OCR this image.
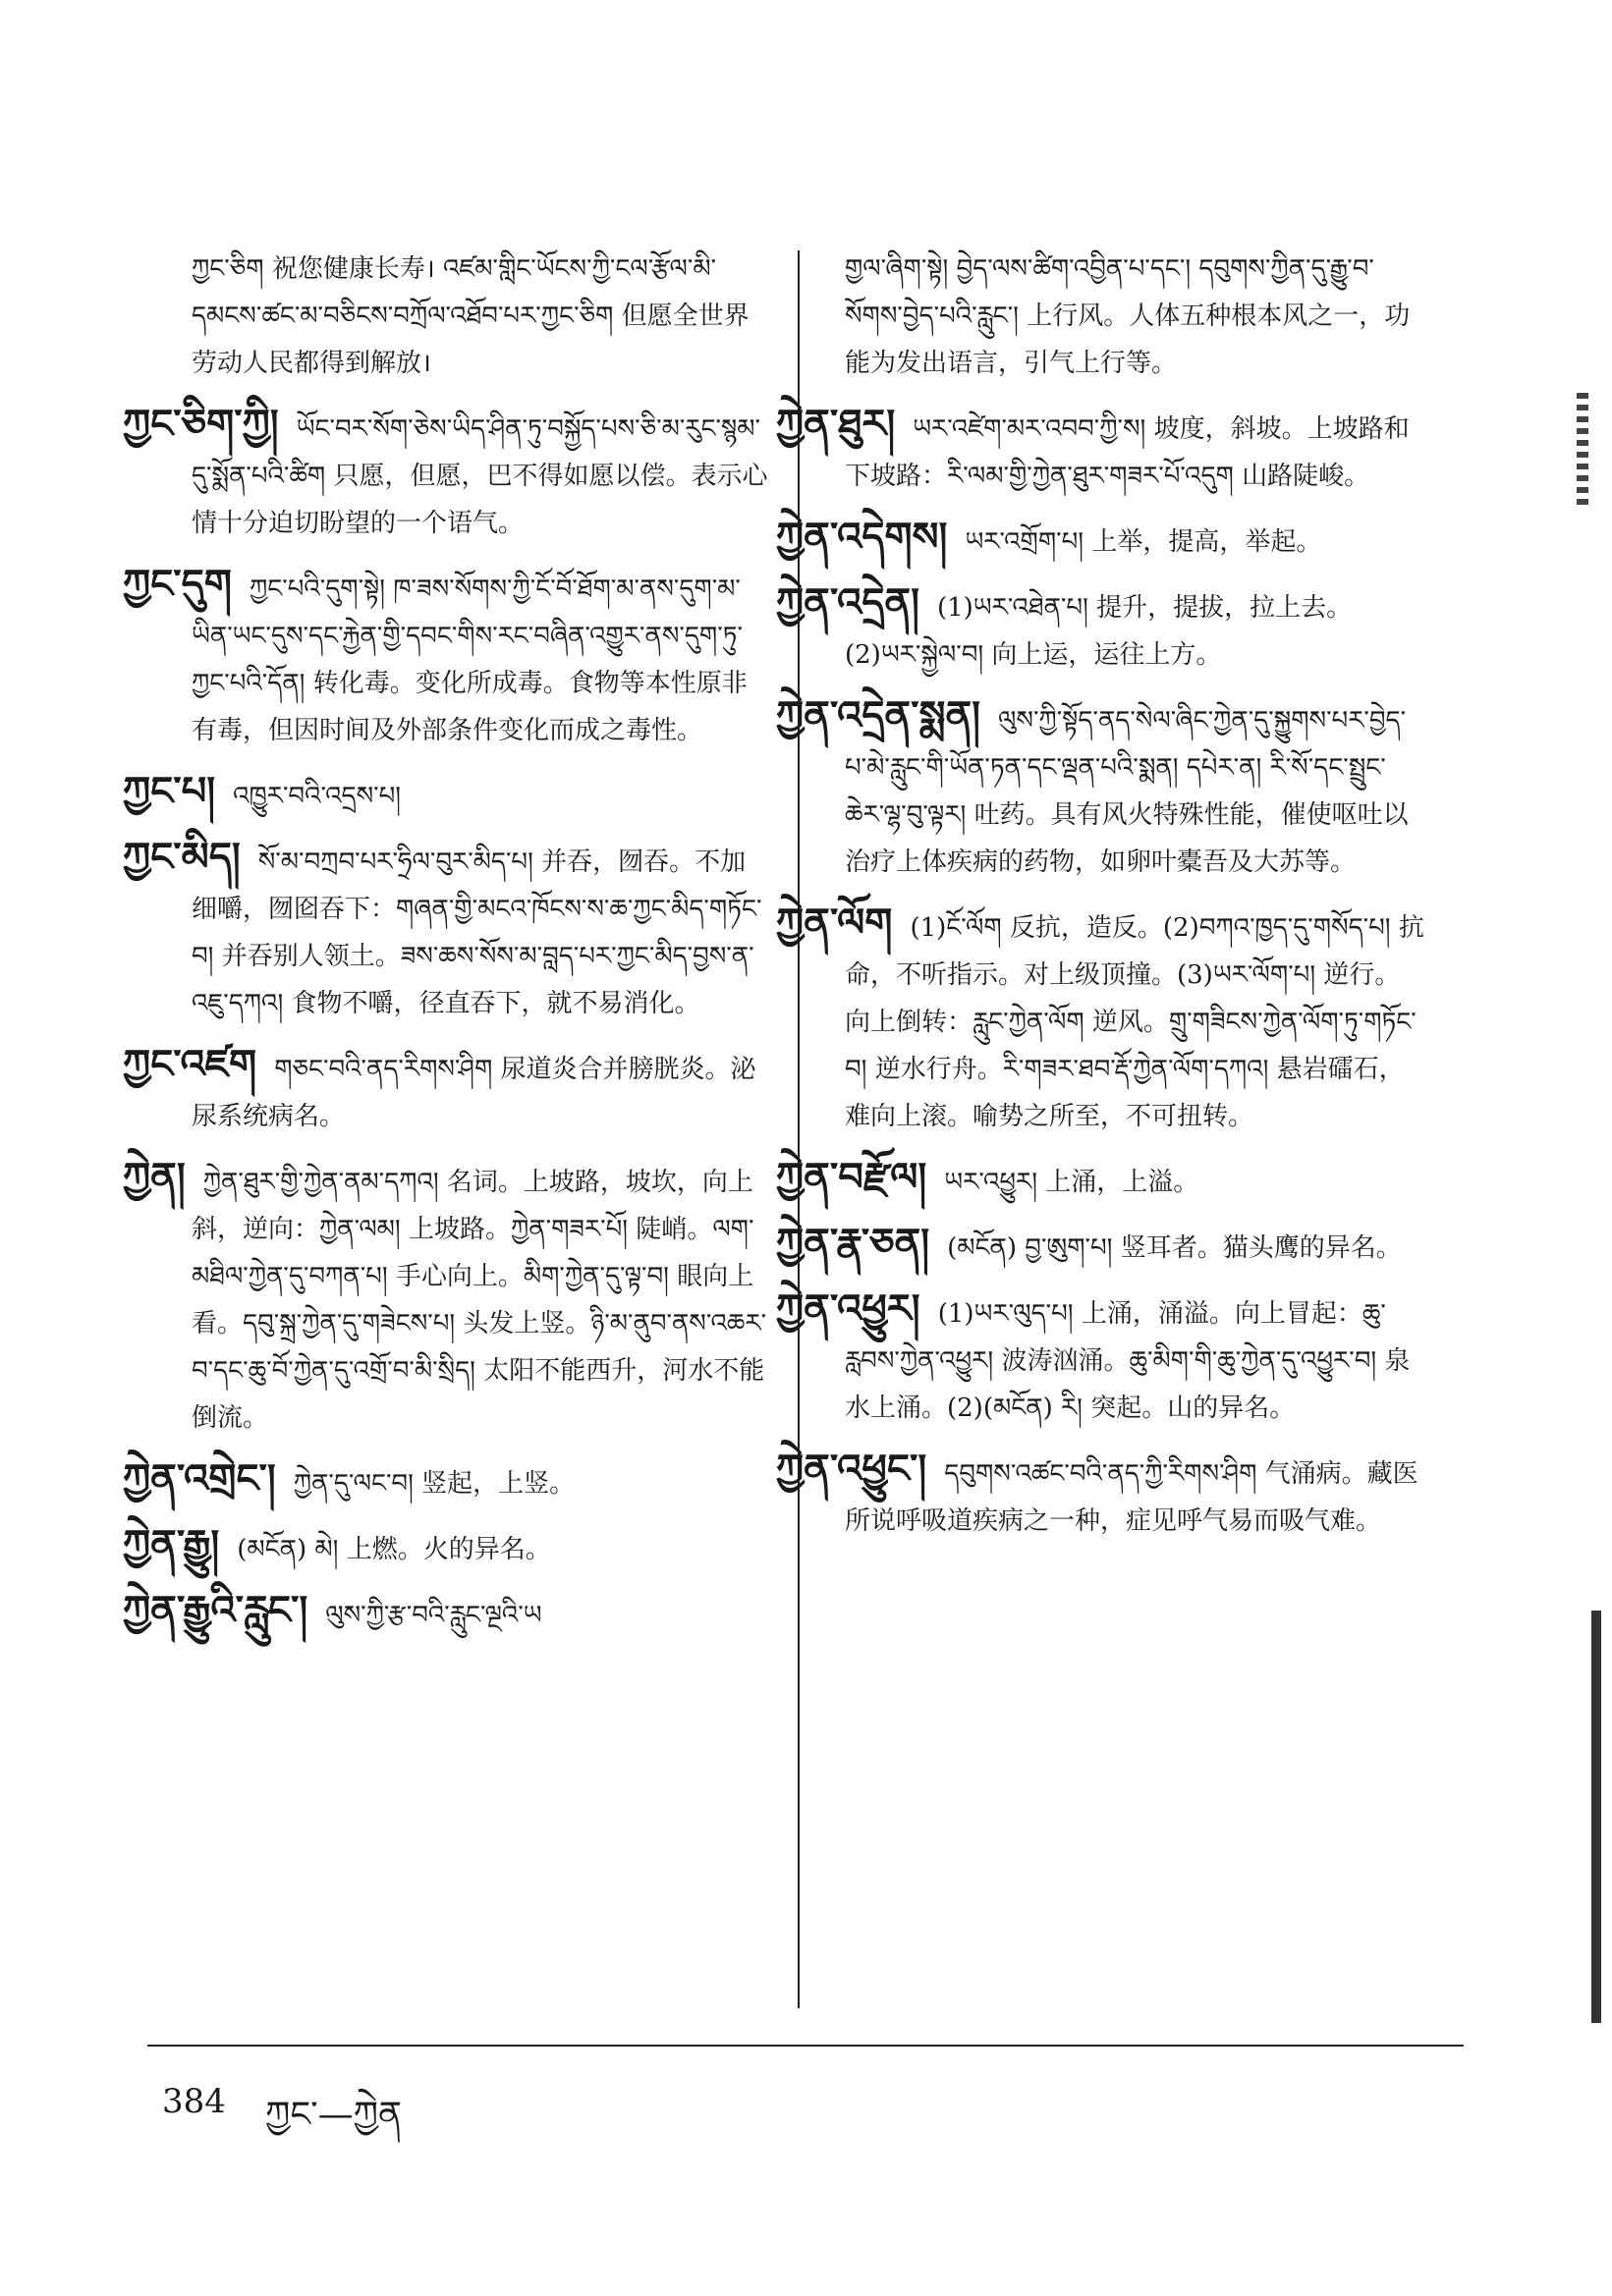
ཀྱང་ཅིག 祝您健康长寿। འཛམ་གླིང་ཡོངས་ཀྱི་ངལ་རྩོལ་མི་དམངས་ཚང་མ་བཅིངས་བཀྲོལ་འཐོབ་པར་ཀྱང་ཅིག 但愿全世界劳动人民都得到解放।

ཀྱང་ཅིག་ཀྱི། ཡོང་བར་སོག་ཅེས་ཡིད་ཤིན་ཏུ་བསྐྱོད་པས་ཅི་མ་རུང་སྙམ་དུ་སྨོན་པའི་ཚིག 只愿，但愿，巴不得如愿以偿。表示心情十分迫切盼望的一个语气。

ཀྱང་དུག ཀྱང་པའི་དུག་སྟེ། ཁ་ཟས་སོགས་ཀྱི་ངོ་བོ་ཐོག་མ་ནས་དུག་མ་ཡིན་ཡང་དུས་དང་རྐྱེན་གྱི་དབང་གིས་རང་བཞིན་འགྱུར་ནས་དུག་ཏུ་ཀྱང་པའི་དོན། 转化毒。变化所成毒。食物等本性原非有毒，但因时间及外部条件变化而成之毒性。

ཀྱང་པ། འཁྱུར་བའི་འདྲས་པ།

ཀྱང་མིད། སོ་མ་བཀྲབ་པར་ཧྲིལ་བུར་མིད་པ། 并吞，囫吞。不加细嚼，囫囵吞下：གཞན་གྱི་མངའ་ཁོངས་ས་ཆ་ཀྱང་མིད་གཏོང་བ། 并吞别人领土。ཟས་ཆས་སོས་མ་བླད་པར་ཀྱང་མིད་བྱས་ན་འཇུ་དཀའ། 食物不嚼，径直吞下，就不易消化。

ཀྱང་འཛག གཅང་བའི་ནད་རིགས་ཤིག 尿道炎合并膀胱炎。泌尿系统病名。

ཀྱེན། ཀྱེན་ཐུར་གྱི་ཀྱེན་ནམ་དཀའ། 名词。上坡路，坡坎，向上斜，逆向：ཀྱེན་ལམ། 上坡路。ཀྱེན་གཟར་པོ། 陡峭。ལག་མཐིལ་ཀྱེན་དུ་བཀན་པ། 手心向上。མིག་ཀྱེན་དུ་ལྟ་བ། 眼向上看。དབུ་སྐྲ་ཀྱེན་དུ་གཟེངས་པ། 头发上竖。ཉི་མ་ནུབ་ནས་འཆར་བ་དང་ཆུ་བོ་ཀྱེན་དུ་འགྲོ་བ་མི་སྲིད། 太阳不能西升，河水不能倒流。

ཀྱེན་འགྲེང་། ཀྱེན་དུ་ལང་བ། 竖起，上竖。

ཀྱེན་རྒྱུ། (མངོན) མེ། 上燃。火的异名。

ཀྱེན་རྒྱུའི་རླུང་། ལུས་ཀྱི་རྩ་བའི་རླུང་ལྔའི་ཡ

གྱལ་ཞིག་སྟེ། བྱེད་ལས་ཚིག་འབྱིན་པ་དང་། དབུགས་ཀྱིན་དུ་རྒྱུ་བ་སོགས་བྱེད་པའི་རླུང་། 上行风。人体五种根本风之一，功能为发出语言，引气上行等。

ཀྱེན་ཐུར། ཡར་འཛེག་མར་འབབ་ཀྱི་ས། 坡度，斜坡。上坡路和下坡路：རི་ལམ་གྱི་ཀྱེན་ཐུར་གཟར་པོ་འདུག 山路陡峻。

ཀྱེན་འདེགས། ཡར་འགྲོག་པ། 上举，提高，举起。

ཀྱེན་འདྲེན། (1)ཡར་འཐེན་པ། 提升，提拔，拉上去。(2)ཡར་སྐྱེལ་བ། 向上运，运往上方。

ཀྱེན་འདྲེན་སྨན། ལུས་ཀྱི་སྟོད་ནད་སེལ་ཞིང་ཀྱེན་དུ་སྐྱུགས་པར་བྱེད་པ་མེ་རླུང་གི་ཡོན་ཏན་དང་ལྡན་པའི་སྨན། དཔེར་ན། རི་སོ་དང་སྤྲུང་ཆེར་ལྷ་བུ་ལྟར། 吐药。具有风火特殊性能，催使呕吐以治疗上体疾病的药物，如卵叶橐吾及大苏等。

ཀྱེན་ལོག (1)ངོ་ལོག 反抗，造反。(2)བཀའ་ཁྱད་དུ་གསོད་པ། 抗命，不听指示。对上级顶撞。(3)ཡར་ལོག་པ། 逆行。向上倒转：རླུང་ཀྱེན་ལོག 逆风。གྲུ་གཟིངས་ཀྱེན་ལོག་ཏུ་གཏོང་བ། 逆水行舟。རི་གཟར་ཐབ་རྡོ་ཀྱེན་ལོག་དཀའ། 悬岩礌石，难向上滚。喻势之所至，不可扭转。

ཀྱེན་བརྫོལ། ཡར་འཕྱུར། 上涌，上溢。

ཀྱེན་རྣ་ཅན། (མངོན) བྱ་ཨུག་པ། 竖耳者。猫头鹰的异名。

ཀྱེན་འཕྱུར། (1)ཡར་ལུད་པ། 上涌，涌溢。向上冒起：ཆུ་རླབས་ཀྱེན་འཕྱུར། 波涛汹涌。ཆུ་མིག་གི་ཆུ་ཀྱེན་དུ་འཕྱུར་བ། 泉水上涌。(2)(མངོན) རི། 突起。山的异名。

ཀྱེན་འཕྱུང་། དབུགས་འཚང་བའི་ནད་ཀྱི་རིགས་ཤིག 气涌病。藏医所说呼吸道疾病之一种，症见呼气易而吸气难。

384 ཀྱང་—ཀྱེན
